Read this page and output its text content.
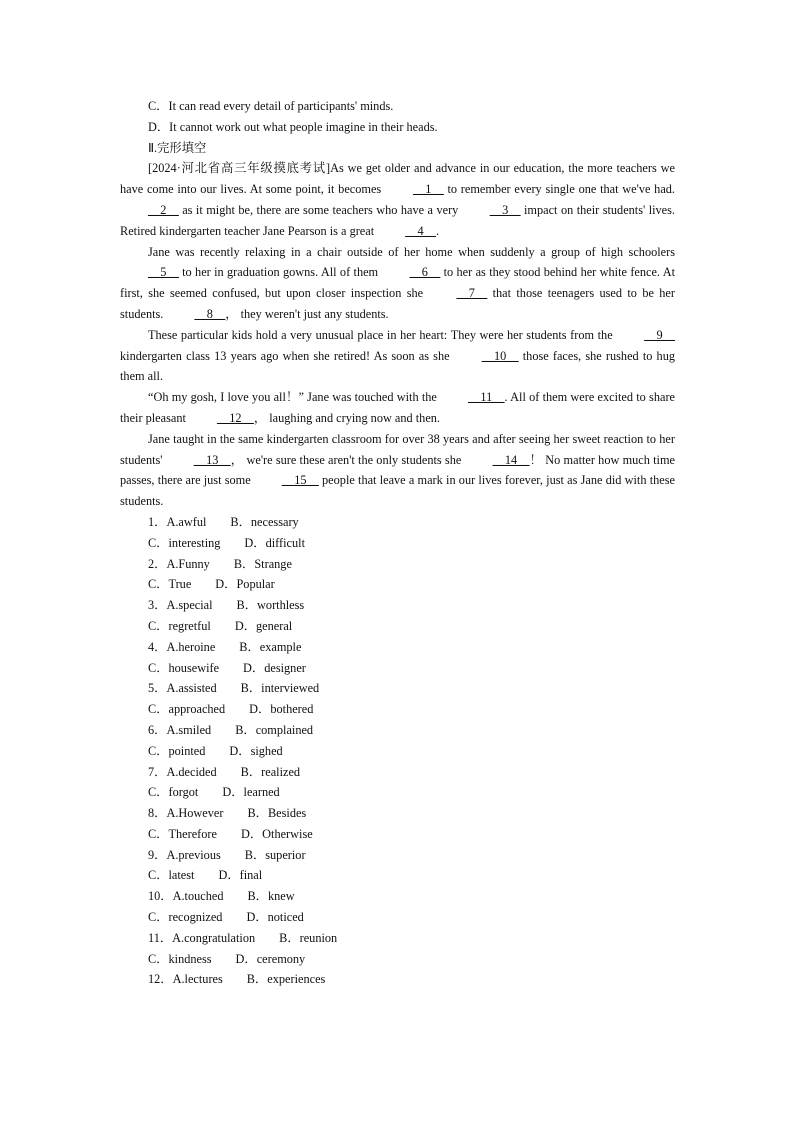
C．It can read every detail of participants' minds.
D．It cannot work out what people imagine in their heads.
Ⅱ.完形填空

[2024·河北省高三年级摸底考试]As we get older and advance in our education, the more teachers we have come into our lives. At some point, it becomes __1__ to remember every single one that we've had. __2__ as it might be, there are some teachers who have a very __3__ impact on their students' lives. Retired kindergarten teacher Jane Pearson is a great __4__.

Jane was recently relaxing in a chair outside of her home when suddenly a group of high schoolers __5__ to her in graduation gowns. All of them __6__ to her as they stood behind her white fence. At first, she seemed confused, but upon closer inspection she __7__ that those teenagers used to be her students. __8__， they weren't just any students.

These particular kids hold a very unusual place in her heart: They were her students from the __9__ kindergarten class 13 years ago when she retired! As soon as she __10__ those faces, she rushed to hug them all.

“Oh my gosh, I love you all！” Jane was touched with the __11__. All of them were excited to share their pleasant __12__， laughing and crying now and then.

Jane taught in the same kindergarten classroom for over 38 years and after seeing her sweet reaction to her students' __13__， we're sure these aren't the only students she __14__！ No matter how much time passes, there are just some __15__ people that leave a mark in our lives forever, just as Jane did with these students.

1．A.awful B．necessary
C．interesting D．difficult
2．A.Funny B．Strange
C．True D．Popular
3．A.special B．worthless
C．regretful D．general
4．A.heroine B．example
C．housewife D．designer
5．A.assisted B．interviewed
C．approached D．bothered
6．A.smiled B．complained
C．pointed D．sighed
7．A.decided B．realized
C．forgot D．learned
8．A.However B．Besides
C．Therefore D．Otherwise
9．A.previous B．superior
C．latest D．final
10．A.touched B．knew
C．recognized D．noticed
11．A.congratulation B．reunion
C．kindness D．ceremony
12．A.lectures B．experiences
